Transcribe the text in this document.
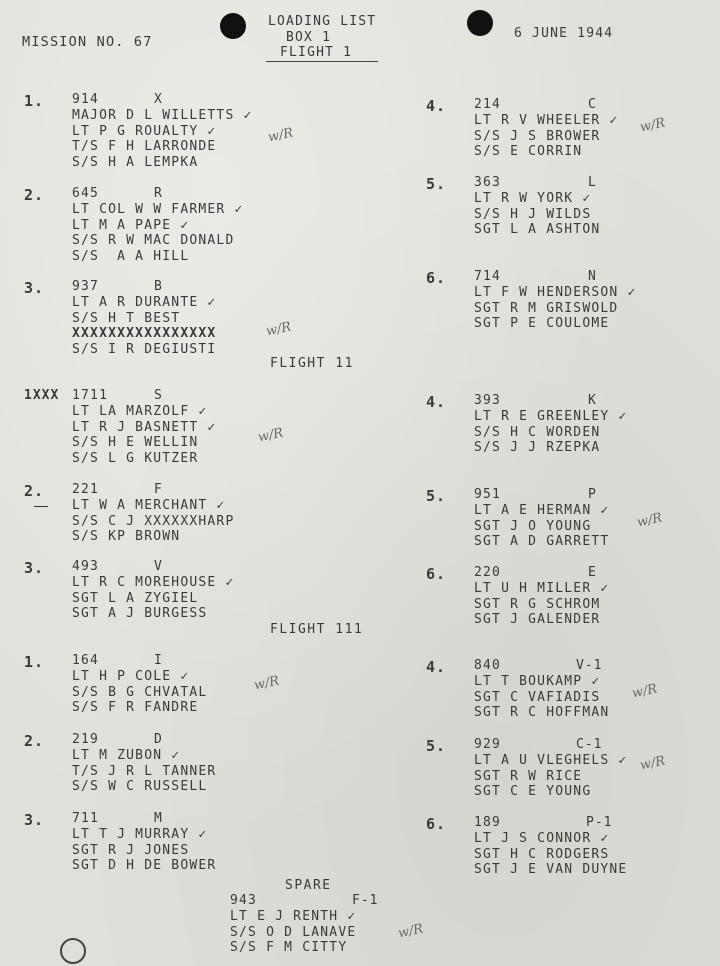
MISSION NO. 67
LOADING LIST
BOX 1
FLIGHT 1
6 JUNE 1944
FLIGHT 11
FLIGHT 111
SPARE
1. 914	X
MAJOR D L WILLETTS ✓
LT P G ROUALTY ✓
T/S F H LARRONDE
S/S H A LEMPKA
2. 645	R
LT COL W W FARMER ✓
LT M A PAPE ✓
S/S R W MAC DONALD
S/S  A A HILL
3. 937	B
LT A R DURANTE ✓
S/S H T BEST
XXXXXXXXXXXXXXXX
S/S I R DEGIUSTI
4. 214	C
LT R V WHEELER ✓
S/S J S BROWER
S/S E CORRIN
5. 363	L
LT R W YORK ✓
S/S H J WILDS
SGT L A ASHTON
6. 714	N
LT F W HENDERSON ✓
SGT R M GRISWOLD
SGT P E COULOME
1XXX 1711	S
LT LA MARZOLF ✓
LT R J BASNETT ✓
S/S H E WELLIN
S/S L G KUTZER
2. 221	F
LT W A MERCHANT ✓
S/S C J XXXXXXHARP
S/S KP BROWN
3. 493	V
LT R C MOREHOUSE ✓
SGT L A ZYGIEL
SGT A J BURGESS
4. 393	K
LT R E GREENLEY ✓
S/S H C WORDEN
S/S J J RZEPKA
5. 951	P
LT A E HERMAN ✓
SGT J O YOUNG
SGT A D GARRETT
6. 220	E
LT U H MILLER ✓
SGT R G SCHROM
SGT J GALENDER
1. 164	I
LT H P COLE ✓
S/S B G CHVATAL
S/S F R FANDRE
2. 219	D
LT M ZUBON ✓
T/S J R L TANNER
S/S W C RUSSELL
3. 711	M
LT T J MURRAY ✓
SGT R J JONES
SGT D H DE BOWER
4. 840	V-1
LT T BOUKAMP ✓
SGT C VAFIADIS
SGT R C HOFFMAN
5. 929	C-1
LT A U VLEGHELS ✓
SGT R W RICE
SGT C E YOUNG
6. 189	P-1
LT J S CONNOR ✓
SGT H C RODGERS
SGT J E VAN DUYNE
943	F-1
LT E J RENTH ✓
S/S O D LANAVE
S/S F M CITTY
w/R
w/R
w/R
w/R
w/R
w/R	w/R
w/R
w/R
